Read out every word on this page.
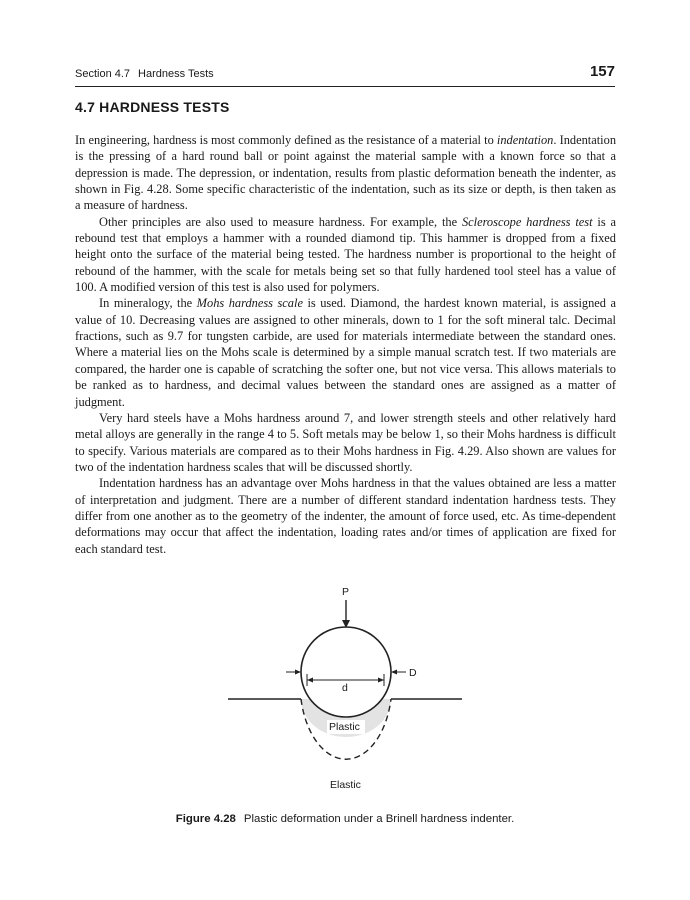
Section 4.7 Hardness Tests	157
4.7 HARDNESS TESTS

In engineering, hardness is most commonly defined as the resistance of a material to indentation. Indentation is the pressing of a hard round ball or point against the material sample with a known force so that a depression is made. The depression, or indentation, results from plastic deformation beneath the indenter, as shown in Fig. 4.28. Some specific characteristic of the indentation, such as its size or depth, is then taken as a measure of hardness.

Other principles are also used to measure hardness. For example, the Scleroscope hardness test is a rebound test that employs a hammer with a rounded diamond tip. This hammer is dropped from a fixed height onto the surface of the material being tested. The hardness number is proportional to the height of rebound of the hammer, with the scale for metals being set so that fully hardened tool steel has a value of 100. A modified version of this test is also used for polymers.

In mineralogy, the Mohs hardness scale is used. Diamond, the hardest known material, is assigned a value of 10. Decreasing values are assigned to other minerals, down to 1 for the soft mineral talc. Decimal fractions, such as 9.7 for tungsten carbide, are used for materials intermediate between the standard ones. Where a material lies on the Mohs scale is determined by a simple manual scratch test. If two materials are compared, the harder one is capable of scratching the softer one, but not vice versa. This allows materials to be ranked as to hardness, and decimal values between the standard ones are assigned as a matter of judgment.

Very hard steels have a Mohs hardness around 7, and lower strength steels and other relatively hard metal alloys are generally in the range 4 to 5. Soft metals may be below 1, so their Mohs hardness is difficult to specify. Various materials are compared as to their Mohs hardness in Fig. 4.29. Also shown are values for two of the indentation hardness scales that will be discussed shortly.

Indentation hardness has an advantage over Mohs hardness in that the values obtained are less a matter of interpretation and judgment. There are a number of different standard indentation hardness tests. They differ from one another as to the geometry of the indenter, the amount of force used, etc. As time-dependent deformations may occur that affect the indentation, loading rates and/or times of application are fixed for each standard test.

P
D
d
Plastic
Elastic
Figure 4.28 Plastic deformation under a Brinell hardness indenter.
